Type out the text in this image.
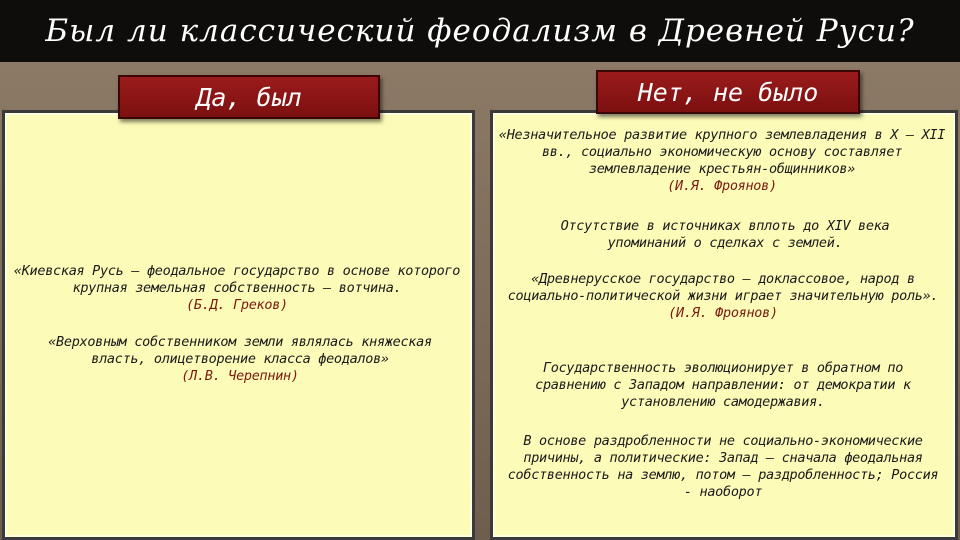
Был ли классический феодализм в Древней Руси?
Да, был	Нет, не было
«Киевская Русь – феодальное государство в основе которого крупная земельная собственность – вотчина.
(Б.Д. Греков)
«Верховным собственником земли являлась княжеская власть, олицетворение класса феодалов»
(Л.В. Черепнин)
«Незначительное развитие крупного землевладения в X – XII вв., социально экономическую основу составляет землевладение крестьян-общинников»
(И.Я. Фроянов)
Отсутствие в источниках вплоть до XIV века упоминаний о сделках с землей.
«Древнерусское государство – доклассовое, народ в социально-политической жизни играет значительную роль».
(И.Я. Фроянов)
Государственность эволюционирует в обратном по сравнению с Западом направлении: от демократии к установлению самодержавия.
В основе раздробленности не социально-экономические причины, а политические: Запад – сначала феодальная собственность на землю, потом – раздробленность; Россия - наоборот
